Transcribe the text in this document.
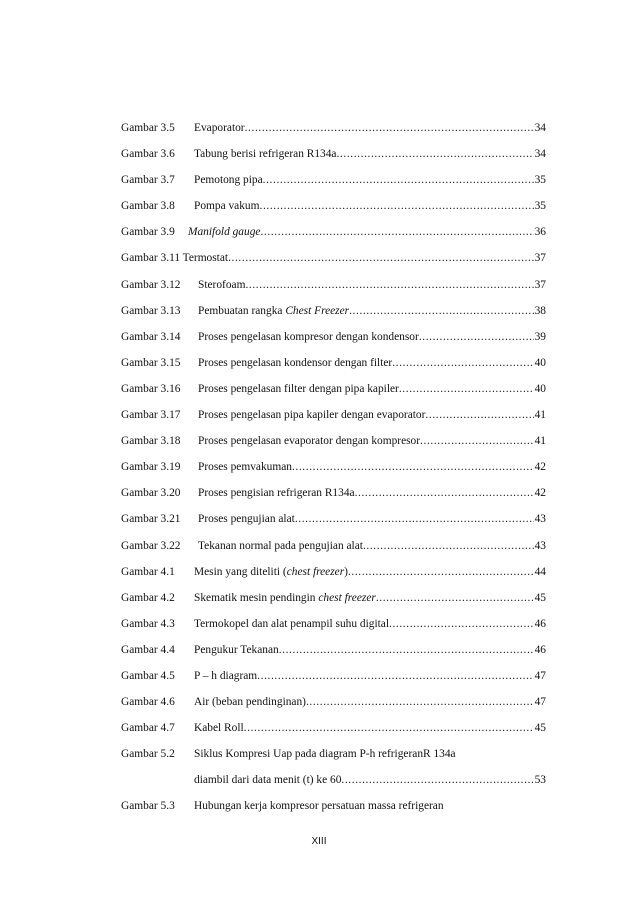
Gambar 3.5	Evaporator .....	34
Gambar 3.6	Tabung berisi refrigeran R134a .....	34
Gambar 3.7	Pemotong pipa .....	35
Gambar 3.8	Pompa vakum .....	35
Gambar 3.9	Manifold gauge .....	36
Gambar 3.11 Termostat .....	37
Gambar 3.12	Sterofoam .....	37
Gambar 3.13	Pembuatan rangka Chest Freezer .....	38
Gambar 3.14	Proses pengelasan kompresor dengan kondensor .....	39
Gambar 3.15	Proses pengelasan kondensor dengan filter .....	40
Gambar 3.16	Proses pengelasan filter dengan pipa kapiler .....	40
Gambar 3.17	Proses pengelasan pipa kapiler dengan evaporator .....	41
Gambar 3.18	Proses pengelasan evaporator dengan kompresor .....	41
Gambar 3.19	Proses pemvakuman .....	42
Gambar 3.20	Proses pengisian refrigeran R134a .....	42
Gambar 3.21	Proses pengujian alat .....	43
Gambar 3.22	Tekanan normal pada pengujian alat .....	43
Gambar 4.1	Mesin yang diteliti (chest freezer) .....	44
Gambar 4.2	Skematik mesin pendingin chest freezer .....	45
Gambar 4.3	Termokopel dan alat penampil suhu digital .....	46
Gambar 4.4	Pengukur Tekanan .....	46
Gambar 4.5	P – h diagram .....	47
Gambar 4.6	Air (beban pendinginan) .....	47
Gambar 4.7	Kabel Roll .....	45
Gambar 5.2	Siklus Kompresi Uap pada diagram P-h refrigeranR 134a
diambil dari data menit (t) ke 60 .....	53
Gambar 5.3	Hubungan kerja kompresor persatuan massa refrigeran
XIII
